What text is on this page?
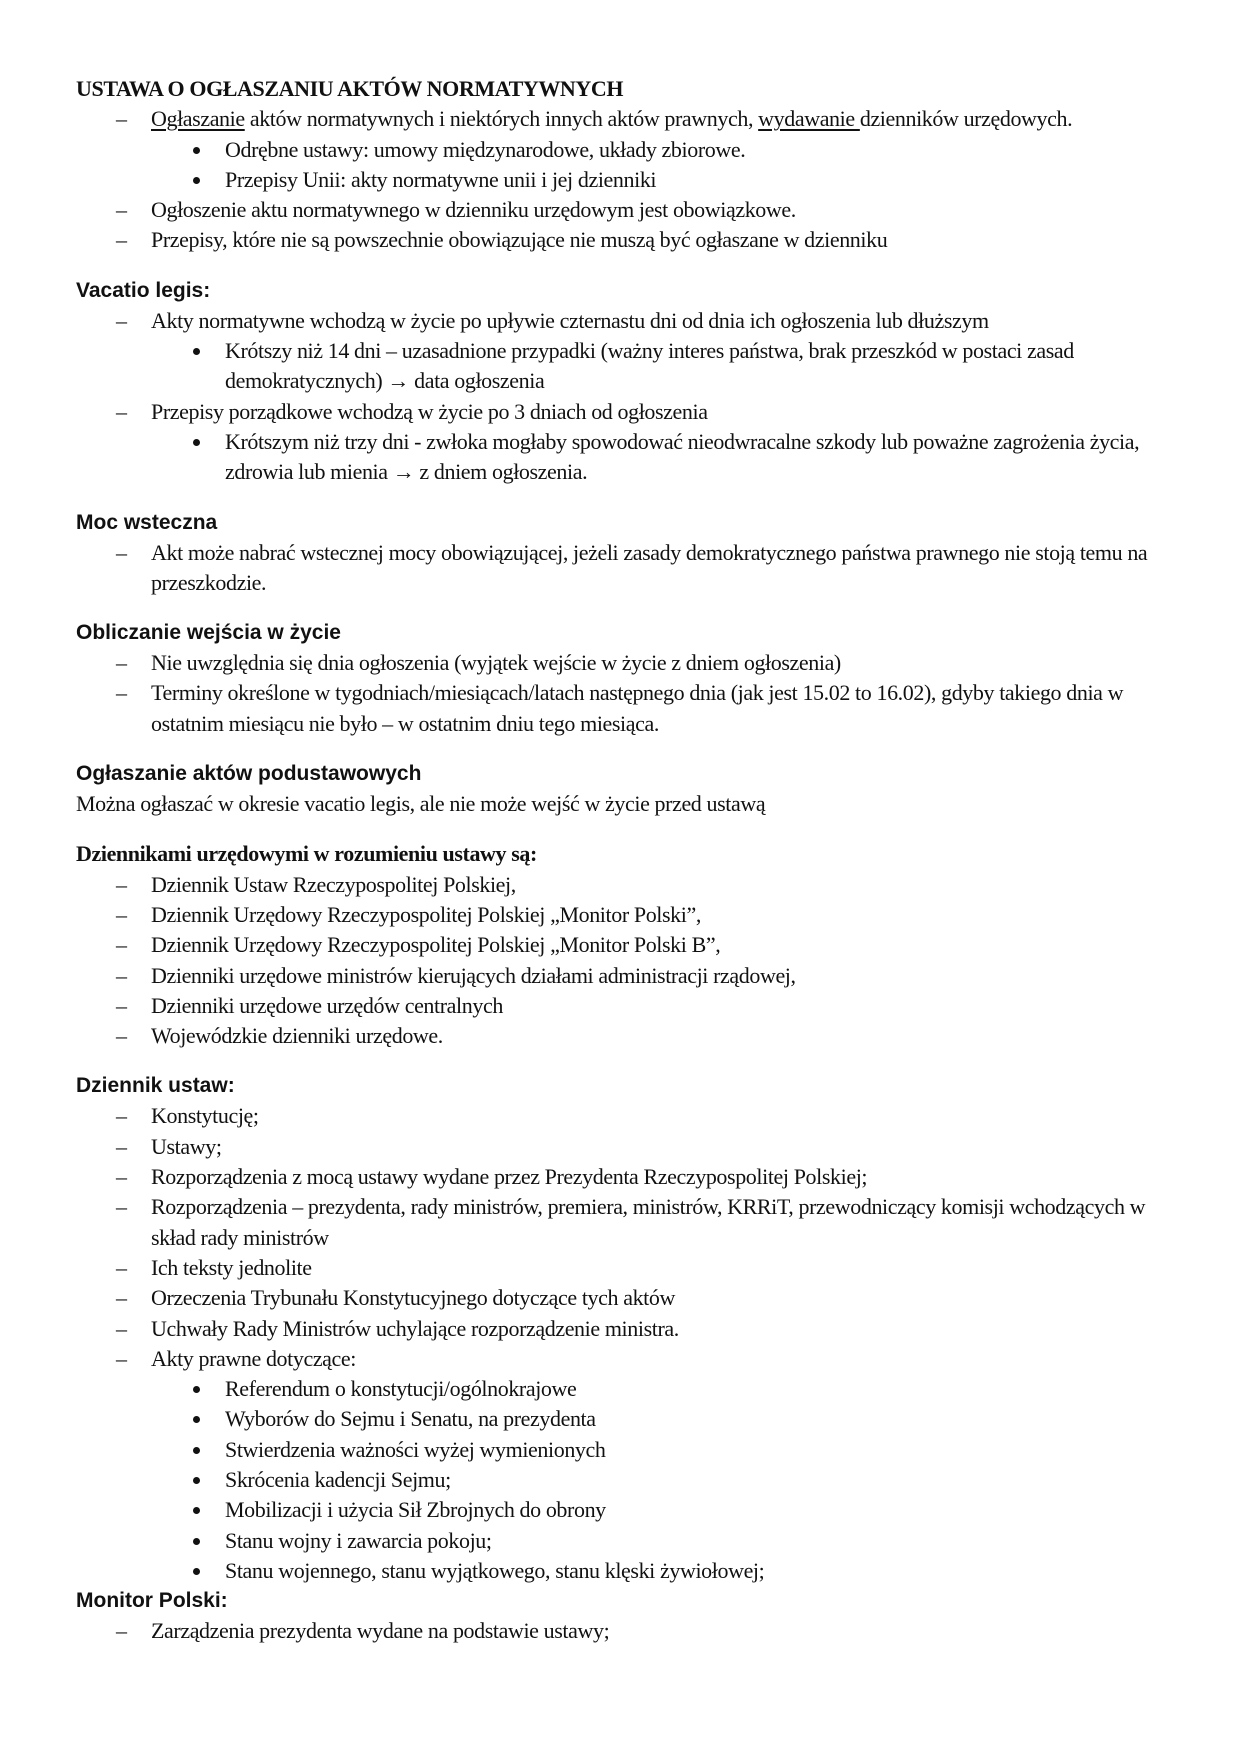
USTAWA O OGŁASZANIU AKTÓW NORMATYWNYCH
– Ogłaszanie aktów normatywnych i niektórych innych aktów prawnych, wydawanie dzienników urzędowych.
Odrębne ustawy: umowy międzynarodowe, układy zbiorowe.
Przepisy Unii: akty normatywne unii i jej dzienniki
– Ogłoszenie aktu normatywnego w dzienniku urzędowym jest obowiązkowe.
– Przepisy, które nie są powszechnie obowiązujące nie muszą być ogłaszane w dzienniku
Vacatio legis:
– Akty normatywne wchodzą w życie po upływie czternastu dni od dnia ich ogłoszenia lub dłuższym
Krótszy niż 14 dni – uzasadnione przypadki (ważny interes państwa, brak przeszkód w postaci zasad demokratycznych) → data ogłoszenia
– Przepisy porządkowe wchodzą w życie po 3 dniach od ogłoszenia
Krótszym niż trzy dni - zwłoka mogłaby spowodować nieodwracalne szkody lub poważne zagrożenia życia, zdrowia lub mienia → z dniem ogłoszenia.
Moc wsteczna
– Akt może nabrać wstecznej mocy obowiązującej, jeżeli zasady demokratycznego państwa prawnego nie stoją temu na przeszkodzie.
Obliczanie wejścia w życie
– Nie uwzględnia się dnia ogłoszenia (wyjątek wejście w życie z dniem ogłoszenia)
– Terminy określone w tygodniach/miesiącach/latach następnego dnia (jak jest 15.02 to 16.02), gdyby takiego dnia w ostatnim miesiącu nie było – w ostatnim dniu tego miesiąca.
Ogłaszanie aktów podustawowych
Można ogłaszać w okresie vacatio legis, ale nie może wejść w życie przed ustawą
Dziennikami urzędowymi w rozumieniu ustawy są:
– Dziennik Ustaw Rzeczypospolitej Polskiej,
– Dziennik Urzędowy Rzeczypospolitej Polskiej „Monitor Polski”,
– Dziennik Urzędowy Rzeczypospolitej Polskiej „Monitor Polski B”,
– Dzienniki urzędowe ministrów kierujących działami administracji rządowej,
– Dzienniki urzędowe urzędów centralnych
– Wojewódzkie dzienniki urzędowe.
Dziennik ustaw:
– Konstytucję;
– Ustawy;
– Rozporządzenia z mocą ustawy wydane przez Prezydenta Rzeczypospolitej Polskiej;
– Rozporządzenia – prezydenta, rady ministrów, premiera, ministrów, KRRiT, przewodniczący komisji wchodzących w skład rady ministrów
– Ich teksty jednolite
– Orzeczenia Trybunału Konstytucyjnego dotyczące tych aktów
– Uchwały Rady Ministrów uchylające rozporządzenie ministra.
– Akty prawne dotyczące:
Referendum o konstytucji/ogólnokrajowe
Wyborów do Sejmu i Senatu, na prezydenta
Stwierdzenia ważności wyżej wymienionych
Skrócenia kadencji Sejmu;
Mobilizacji i użycia Sił Zbrojnych do obrony
Stanu wojny i zawarcia pokoju;
Stanu wojennego, stanu wyjątkowego, stanu klęski żywiołowej;
Monitor Polski:
– Zarządzenia prezydenta wydane na podstawie ustawy;
